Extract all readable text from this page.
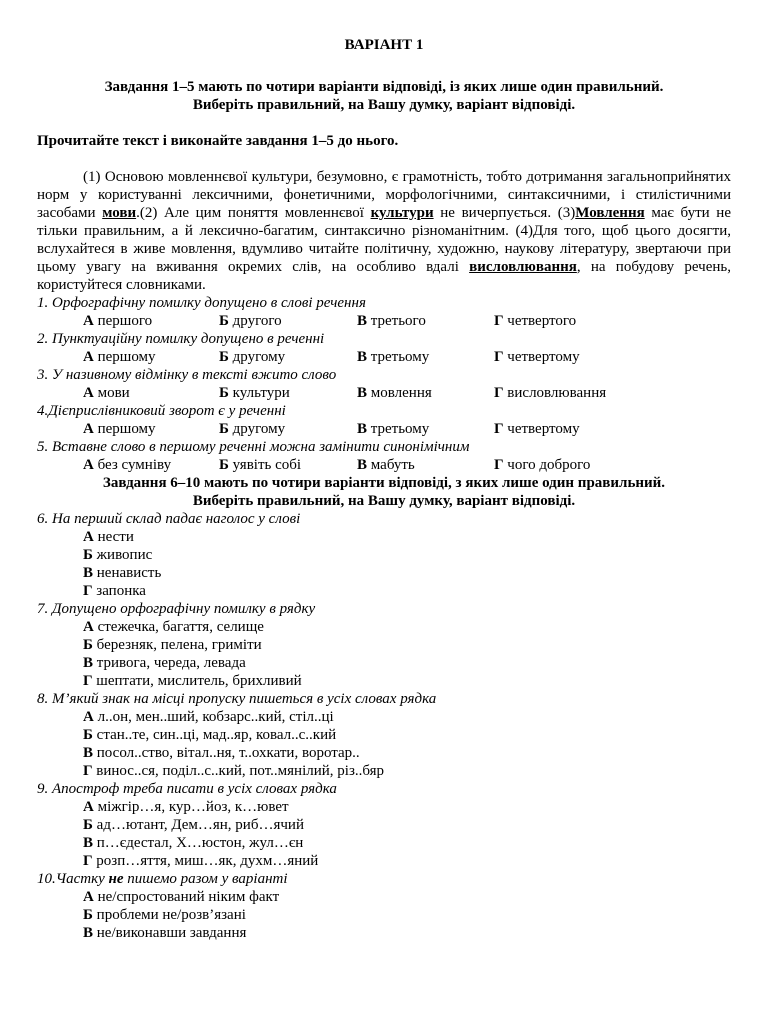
ВАРІАНТ 1

Завдання 1–5 мають по чотири варіанти відповіді, із яких лише один правильний.

Виберіть правильний, на Вашу думку, варіант відповіді.

Прочитайте текст і виконайте завдання 1–5 до нього.

(1) Основою мовленнєвої культури, безумовно, є грамотність, тобто дотримання загальноприйнятих норм у користуванні лексичними, фонетичними, морфологічними, синтаксичними, і стилістичними засобами мови.(2) Але цим поняття мовленнєвої культури не вичерпується. (3)Мовлення має бути не тільки правильним, а й лексично-багатим, синтаксично різноманітним. (4)Для того, щоб цього досягти, вслухайтеся в живе мовлення, вдумливо читайте політичну, художню, наукову літературу, звертаючи при цьому увагу на вживання окремих слів, на особливо вдалі висловлювання, на побудову речень, користуйтеся словниками.

1. Орфографічну помилку допущено в слові речення

А першого	Б другого	В третього	Г четвертого

2. Пунктуаційну помилку допущено в реченні

А першому	Б другому	В третьому	Г четвертому

3. У називному відмінку в тексті вжито слово

А мови	Б культури	В мовлення	Г висловлювання

4.Дієприслівниковий зворот є у реченні

А першому	Б другому	В третьому	Г четвертому

5. Вставне слово в першому реченні можна замінити синонімічним

А без сумніву	Б уявіть собі	В мабуть	Г чого доброго

Завдання 6–10 мають по чотири варіанти відповіді, з яких лише один правильний.

Виберіть правильний, на Вашу думку, варіант відповіді.

6. На перший склад падає наголос у слові

А нести
Б живопис
В ненависть
Г запонка

7. Допущено орфографічну помилку в рядку

А стежечка, багаття, селище
Б березняк, пелена, гриміти
В тривога, череда, левада
Г шептати, мислитель, брихливий

8. М’який знак на місці пропуску пишеться в усіх словах рядка

А л..он, мен..ший, кобзарс..кий, стіл..ці
Б стан..те, син..ці, мад..яр, ковал..с..кий
В посол..ство, вітал..ня, т..охкати, воротар..
Г винос..ся, поділ..с..кий, пот..мянілий, різ..бяр

9. Апостроф треба писати в усіх словах рядка

А міжгір…я, кур…йоз, к…ювет
Б ад…ютант, Дем…ян, риб…ячий
В п…єдестал, Х…юстон, жул…єн
Г розп…яття, миш…як, духм…яний

10.Частку не пишемо разом у варіанті

А не/спростований ніким факт
Б проблеми не/розв’язані
В не/виконавши завдання
